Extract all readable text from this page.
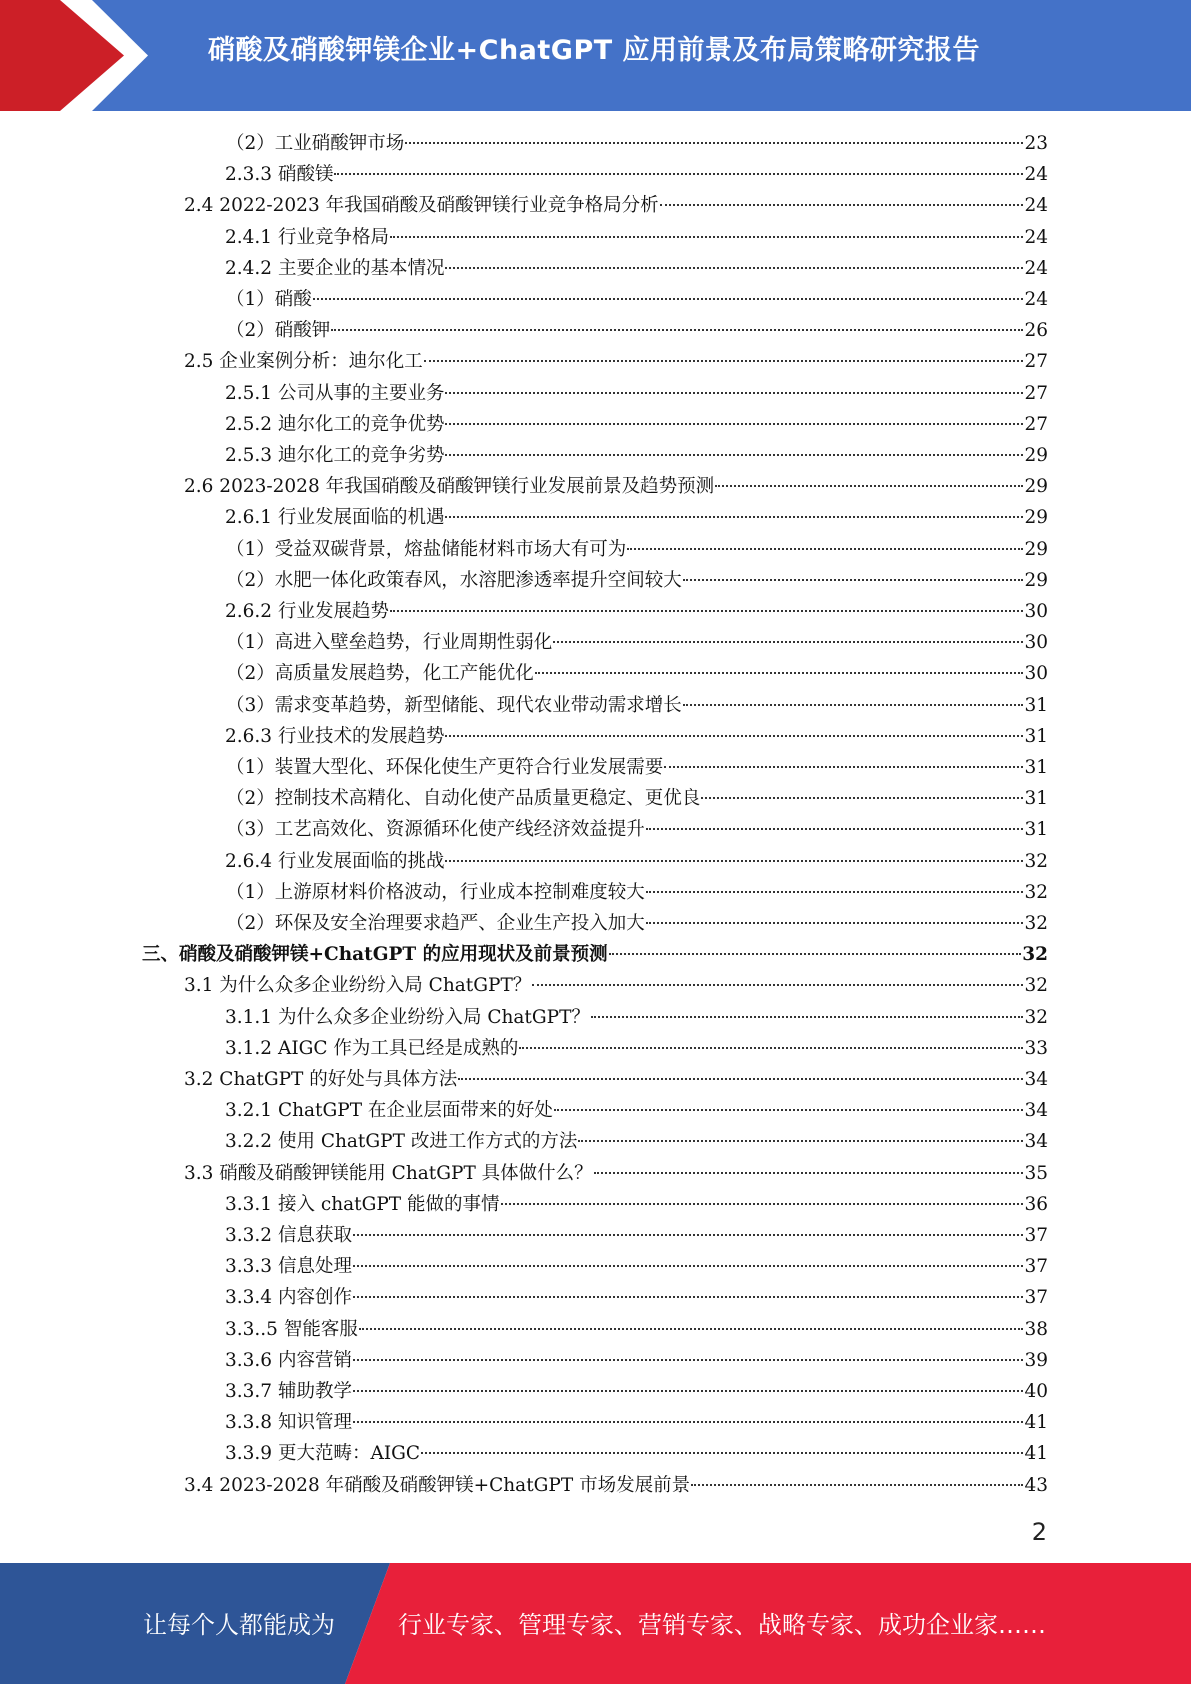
硝酸及硝酸钾镁企业+ChatGPT 应用前景及布局策略研究报告
（2）工业硝酸钾市场	23
2.3.3 硝酸镁	24
2.4 2022-2023 年我国硝酸及硝酸钾镁行业竞争格局分析	24
2.4.1 行业竞争格局	24
2.4.2 主要企业的基本情况	24
（1）硝酸	24
（2）硝酸钾	26
2.5 企业案例分析：迪尔化工	27
2.5.1 公司从事的主要业务	27
2.5.2 迪尔化工的竞争优势	27
2.5.3 迪尔化工的竞争劣势	29
2.6 2023-2028 年我国硝酸及硝酸钾镁行业发展前景及趋势预测	29
2.6.1 行业发展面临的机遇	29
（1）受益双碳背景，熔盐储能材料市场大有可为	29
（2）水肥一体化政策春风，水溶肥渗透率提升空间较大	29
2.6.2 行业发展趋势	30
（1）高进入壁垒趋势，行业周期性弱化	30
（2）高质量发展趋势，化工产能优化	30
（3）需求变革趋势，新型储能、现代农业带动需求增长	31
2.6.3 行业技术的发展趋势	31
（1）装置大型化、环保化使生产更符合行业发展需要	31
（2）控制技术高精化、自动化使产品质量更稳定、更优良	31
（3）工艺高效化、资源循环化使产线经济效益提升	31
2.6.4 行业发展面临的挑战	32
（1）上游原材料价格波动，行业成本控制难度较大	32
（2）环保及安全治理要求趋严、企业生产投入加大	32
三、硝酸及硝酸钾镁+ChatGPT 的应用现状及前景预测	32
3.1 为什么众多企业纷纷入局 ChatGPT？	32
3.1.1 为什么众多企业纷纷入局 ChatGPT？	32
3.1.2 AIGC 作为工具已经是成熟的	33
3.2 ChatGPT 的好处与具体方法	34
3.2.1 ChatGPT 在企业层面带来的好处	34
3.2.2 使用 ChatGPT 改进工作方式的方法	34
3.3 硝酸及硝酸钾镁能用 ChatGPT 具体做什么？	35
3.3.1 接入 chatGPT 能做的事情	36
3.3.2 信息获取	37
3.3.3 信息处理	37
3.3.4 内容创作	37
3.3..5 智能客服	38
3.3.6 内容营销	39
3.3.7 辅助教学	40
3.3.8 知识管理	41
3.3.9 更大范畴：AIGC	41
3.4 2023-2028 年硝酸及硝酸钾镁+ChatGPT 市场发展前景	43
2
让每个人都能成为	行业专家、管理专家、营销专家、战略专家、成功企业家……
